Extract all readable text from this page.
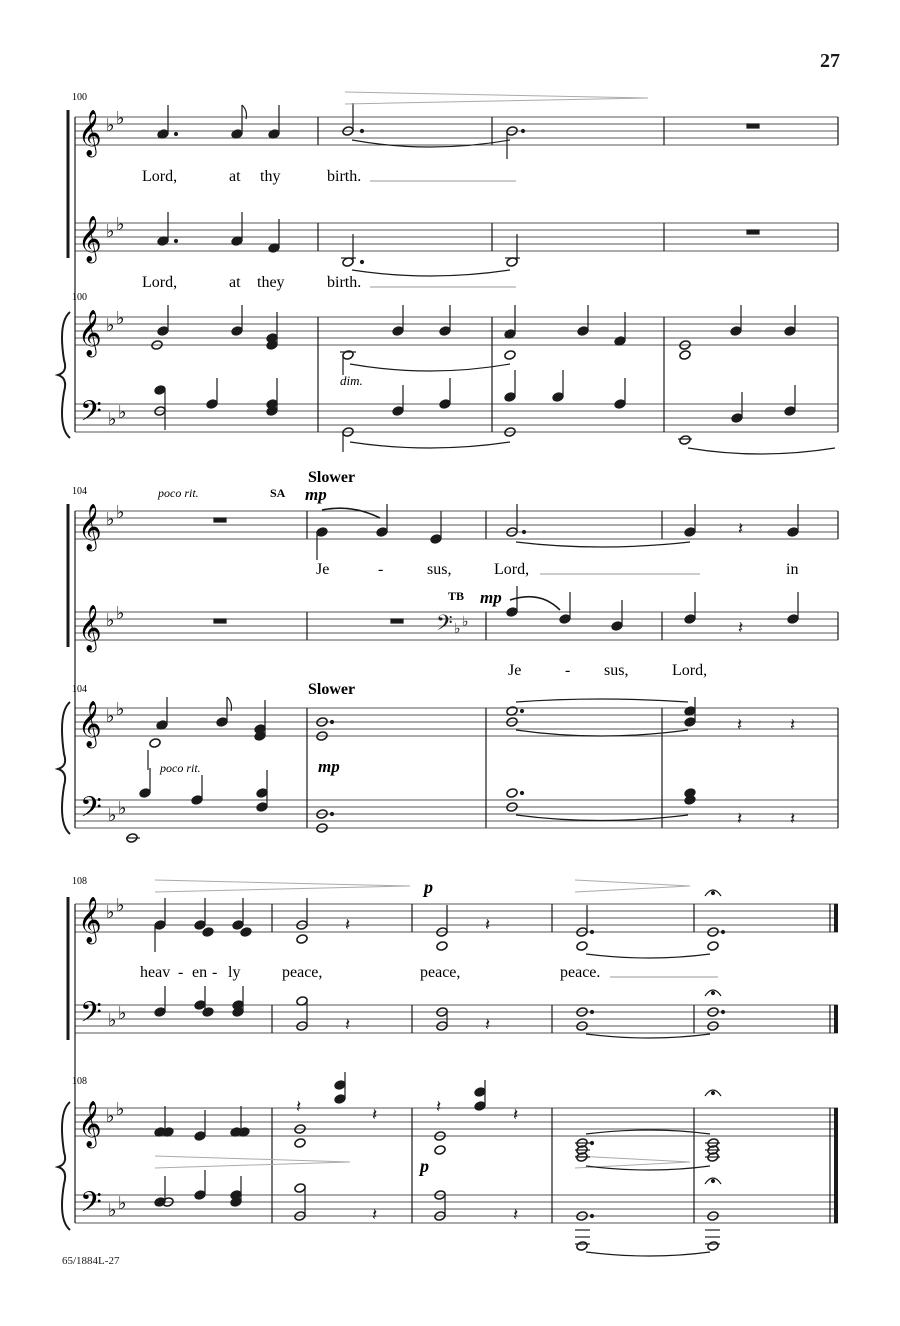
27
65/1884L-27
100
𝄞 ♭ ♭
𝄞 ♭ ♭
100
𝄞 ♭ ♭
𝄢 ♭ ♭
Lord,	at thy	birth.
Lord,	at they	birth.
dim.
104
𝄞 ♭ ♭
𝄞 ♭ ♭
104
𝄞 ♭ ♭
𝄢 ♭ ♭
poco rit.	SA
Slower
mp
𝄽
Je	-	sus,	Lord,	in
TB mp
𝄢 ♭ ♭	𝄽
Je	- sus,	Lord,
Slower
poco rit.	mp
𝄽	𝄽
𝄽	𝄽
108
𝄞 ♭ ♭
𝄢 ♭ ♭
108
𝄞 ♭ ♭
𝄢 ♭ ♭
p
𝄽	𝄽
heav - en - ly	peace,	peace,	peace.
𝄽	𝄽
p
𝄽	𝄽	𝄽	𝄽
𝄽	𝄽
